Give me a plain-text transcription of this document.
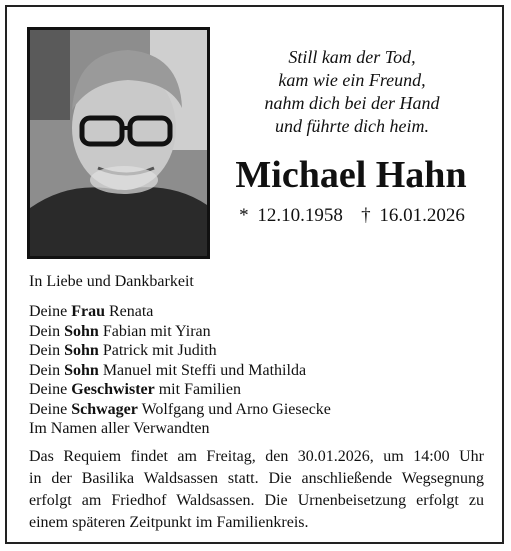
Still kam der Tod,
kam wie ein Freund,
nahm dich bei der Hand
und führte dich heim.
Michael Hahn
* 12.10.1958 † 16.01.2026
In Liebe und Dankbarkeit
Deine Frau Renata
Dein Sohn Fabian mit Yiran
Dein Sohn Patrick mit Judith
Dein Sohn Manuel mit Steffi und Mathilda
Deine Geschwister mit Familien
Deine Schwager Wolfgang und Arno Giesecke
Im Namen aller Verwandten
Das Requiem findet am Freitag, den 30.01.2026, um 14:00 Uhr
in der Basilika Waldsassen statt. Die anschließende Wegsegnung
erfolgt am Friedhof Waldsassen. Die Urnenbeisetzung erfolgt zu
einem späteren Zeitpunkt im Familienkreis.
